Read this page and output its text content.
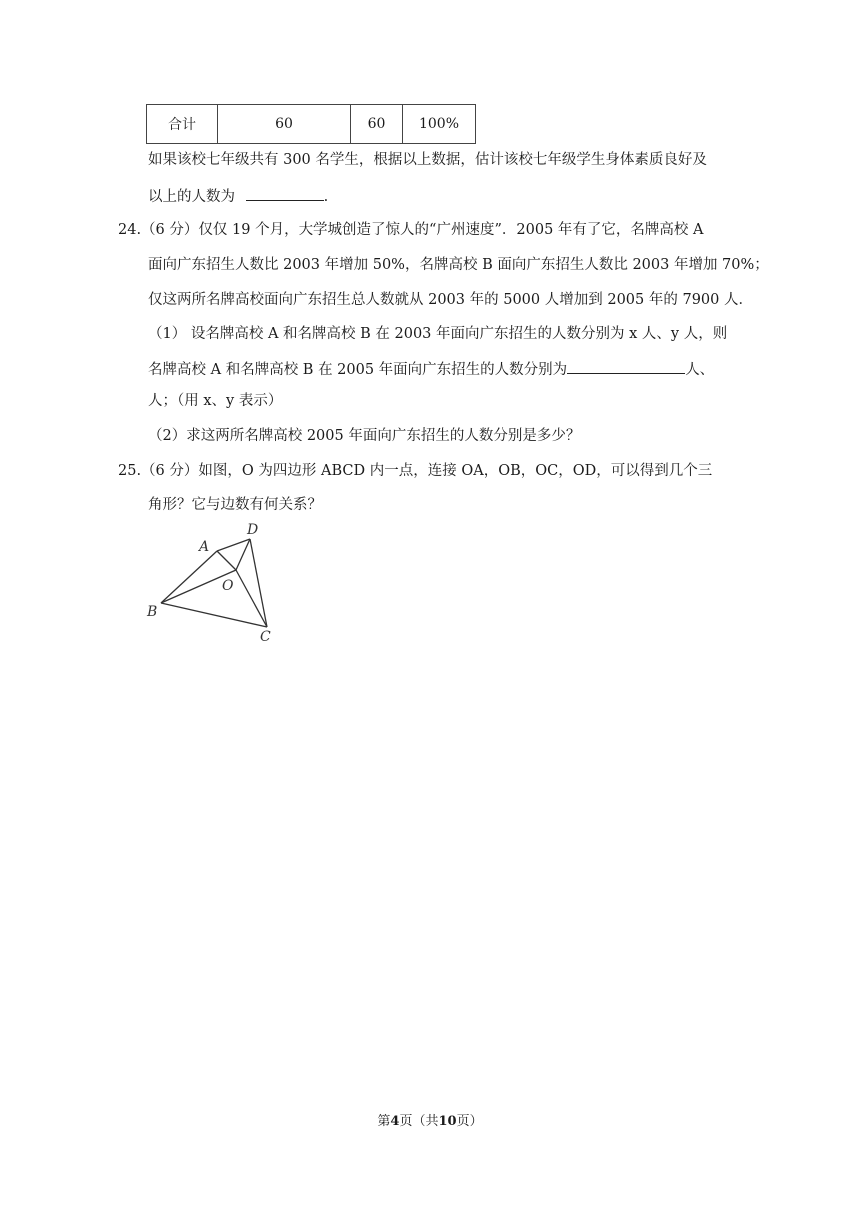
合计	60	60	100%
如果该校七年级共有 300 名学生，根据以上数据，估计该校七年级学生身体素质良好及
以上的人数为	.
24.（6 分）仅仅 19 个月，大学城创造了惊人的“广州速度”．2005 年有了它，名牌高校 A
面向广东招生人数比 2003 年增加 50%，名牌高校 B 面向广东招生人数比 2003 年增加 70%；
仅这两所名牌高校面向广东招生总人数就从 2003 年的 5000 人增加到 2005 年的 7900 人．
（1） 设名牌高校 A 和名牌高校 B 在 2003 年面向广东招生的人数分别为 x 人、y 人，则
名牌高校 A 和名牌高校 B 在 2005 年面向广东招生的人数分别为	人、
人；（用 x、y 表示）
（2）求这两所名牌高校 2005 年面向广东招生的人数分别是多少？
25.（6 分）如图，O 为四边形 ABCD 内一点，连接 OA，OB，OC，OD，可以得到几个三
角形？它与边数有何关系？
A
B
C
D
O
第4页（共10页）
